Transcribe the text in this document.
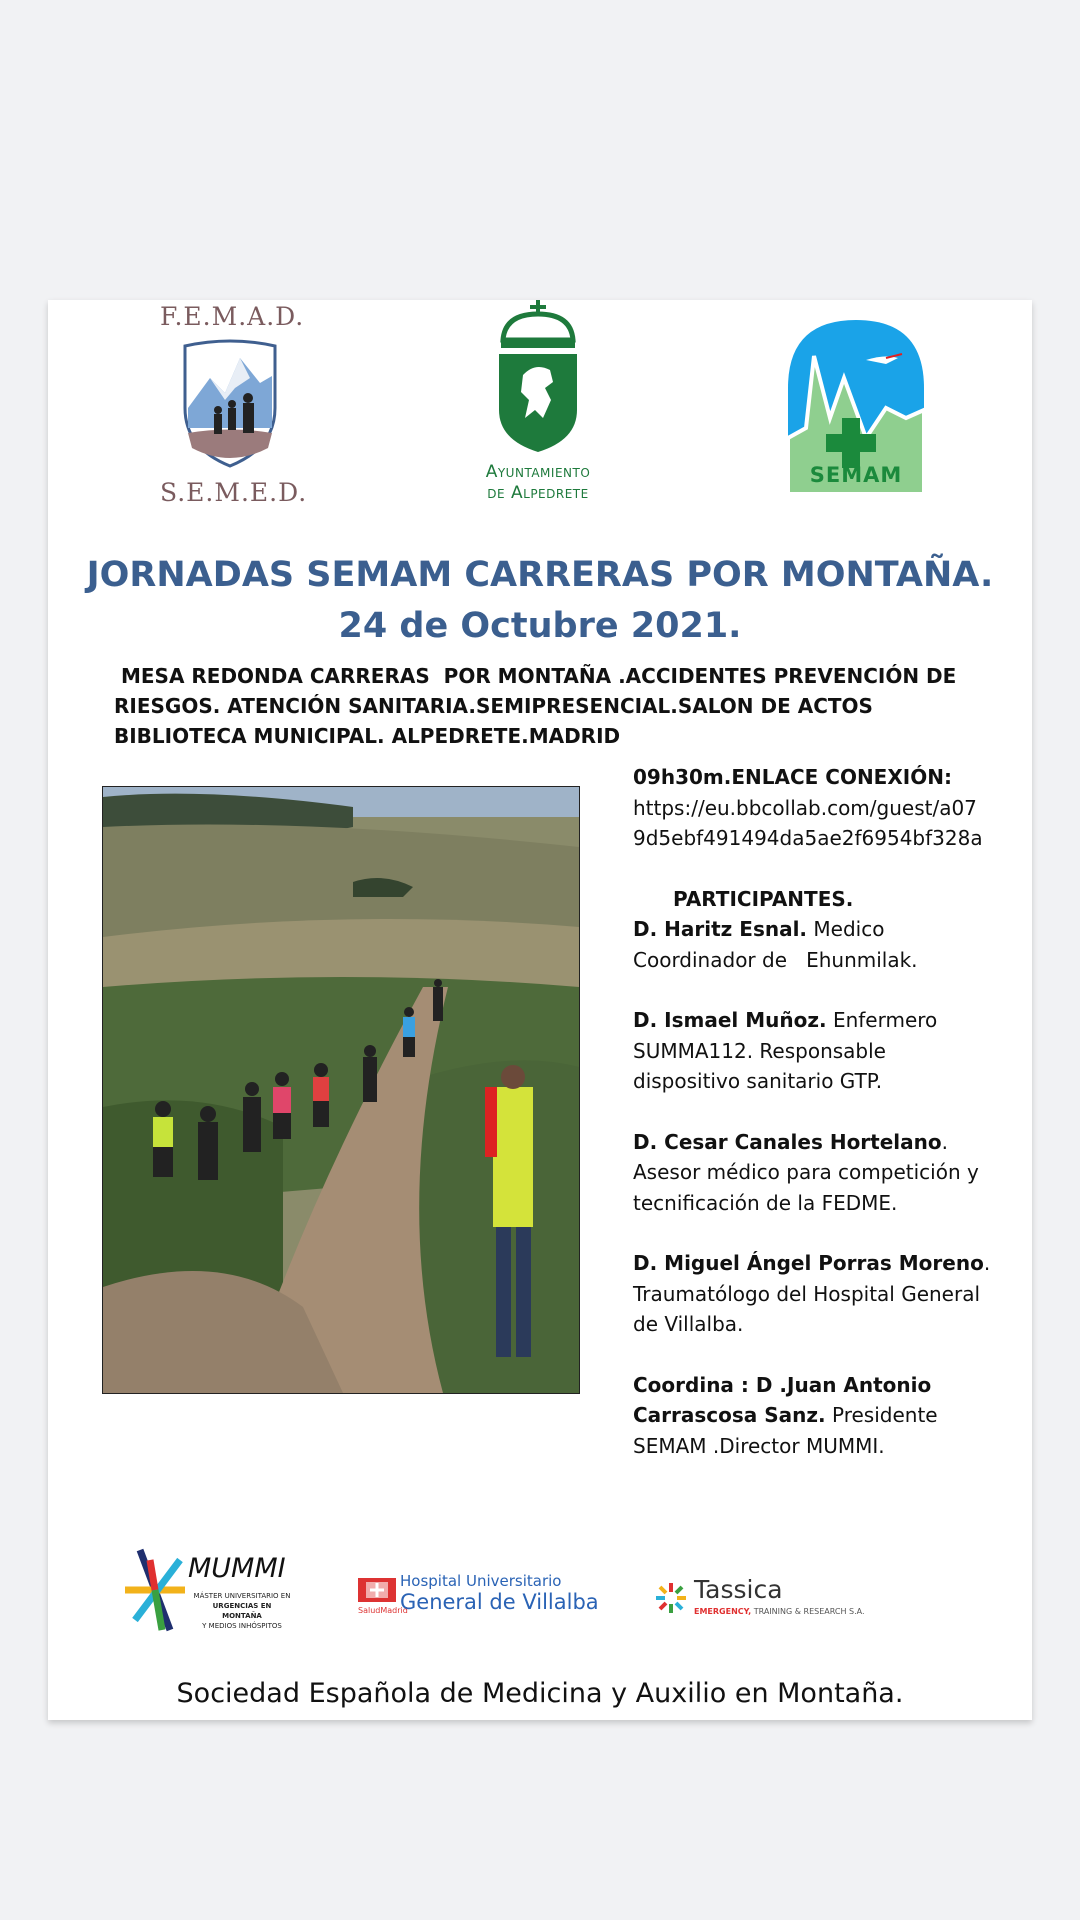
F.E.M.A.D.
S.E.M.E.D.
Ayuntamiento
de Alpedrete
SEMAM
JORNADAS SEMAM CARRERAS POR MONTAÑA.
24 de Octubre 2021.

MESA REDONDA CARRERAS  POR MONTAÑA .ACCIDENTES PREVENCIÓN DE RIESGOS. ATENCIÓN SANITARIA.SEMIPRESENCIAL.SALON DE ACTOS BIBLIOTECA MUNICIPAL. ALPEDRETE.MADRID

09h30m.ENLACE CONEXIÓN:

https://eu.bbcollab.com/guest/a07

9d5ebf491494da5ae2f6954bf328a

PARTICIPANTES.

D. Haritz Esnal. Medico

Coordinador de   Ehunmilak.

D. Ismael Muñoz. Enfermero

SUMMA112. Responsable

dispositivo sanitario GTP.

D. Cesar Canales Hortelano.

Asesor médico para competición y

tecnificación de la FEDME.

D. Miguel Ángel Porras Moreno.

Traumatólogo del Hospital General

de Villalba.

Coordina : D .Juan Antonio

Carrascosa Sanz. Presidente

SEMAM .Director MUMMI.

MUMMI
MÁSTER UNIVERSITARIO EN
URGENCIAS EN MONTAÑA
Y MEDIOS INHÓSPITOS
SaludMadrid
Hospital Universitario
General de Villalba	Tassica
EMERGENCY, TRAINING & RESEARCH S.A.

Sociedad Española de Medicina y Auxilio en Montaña.
